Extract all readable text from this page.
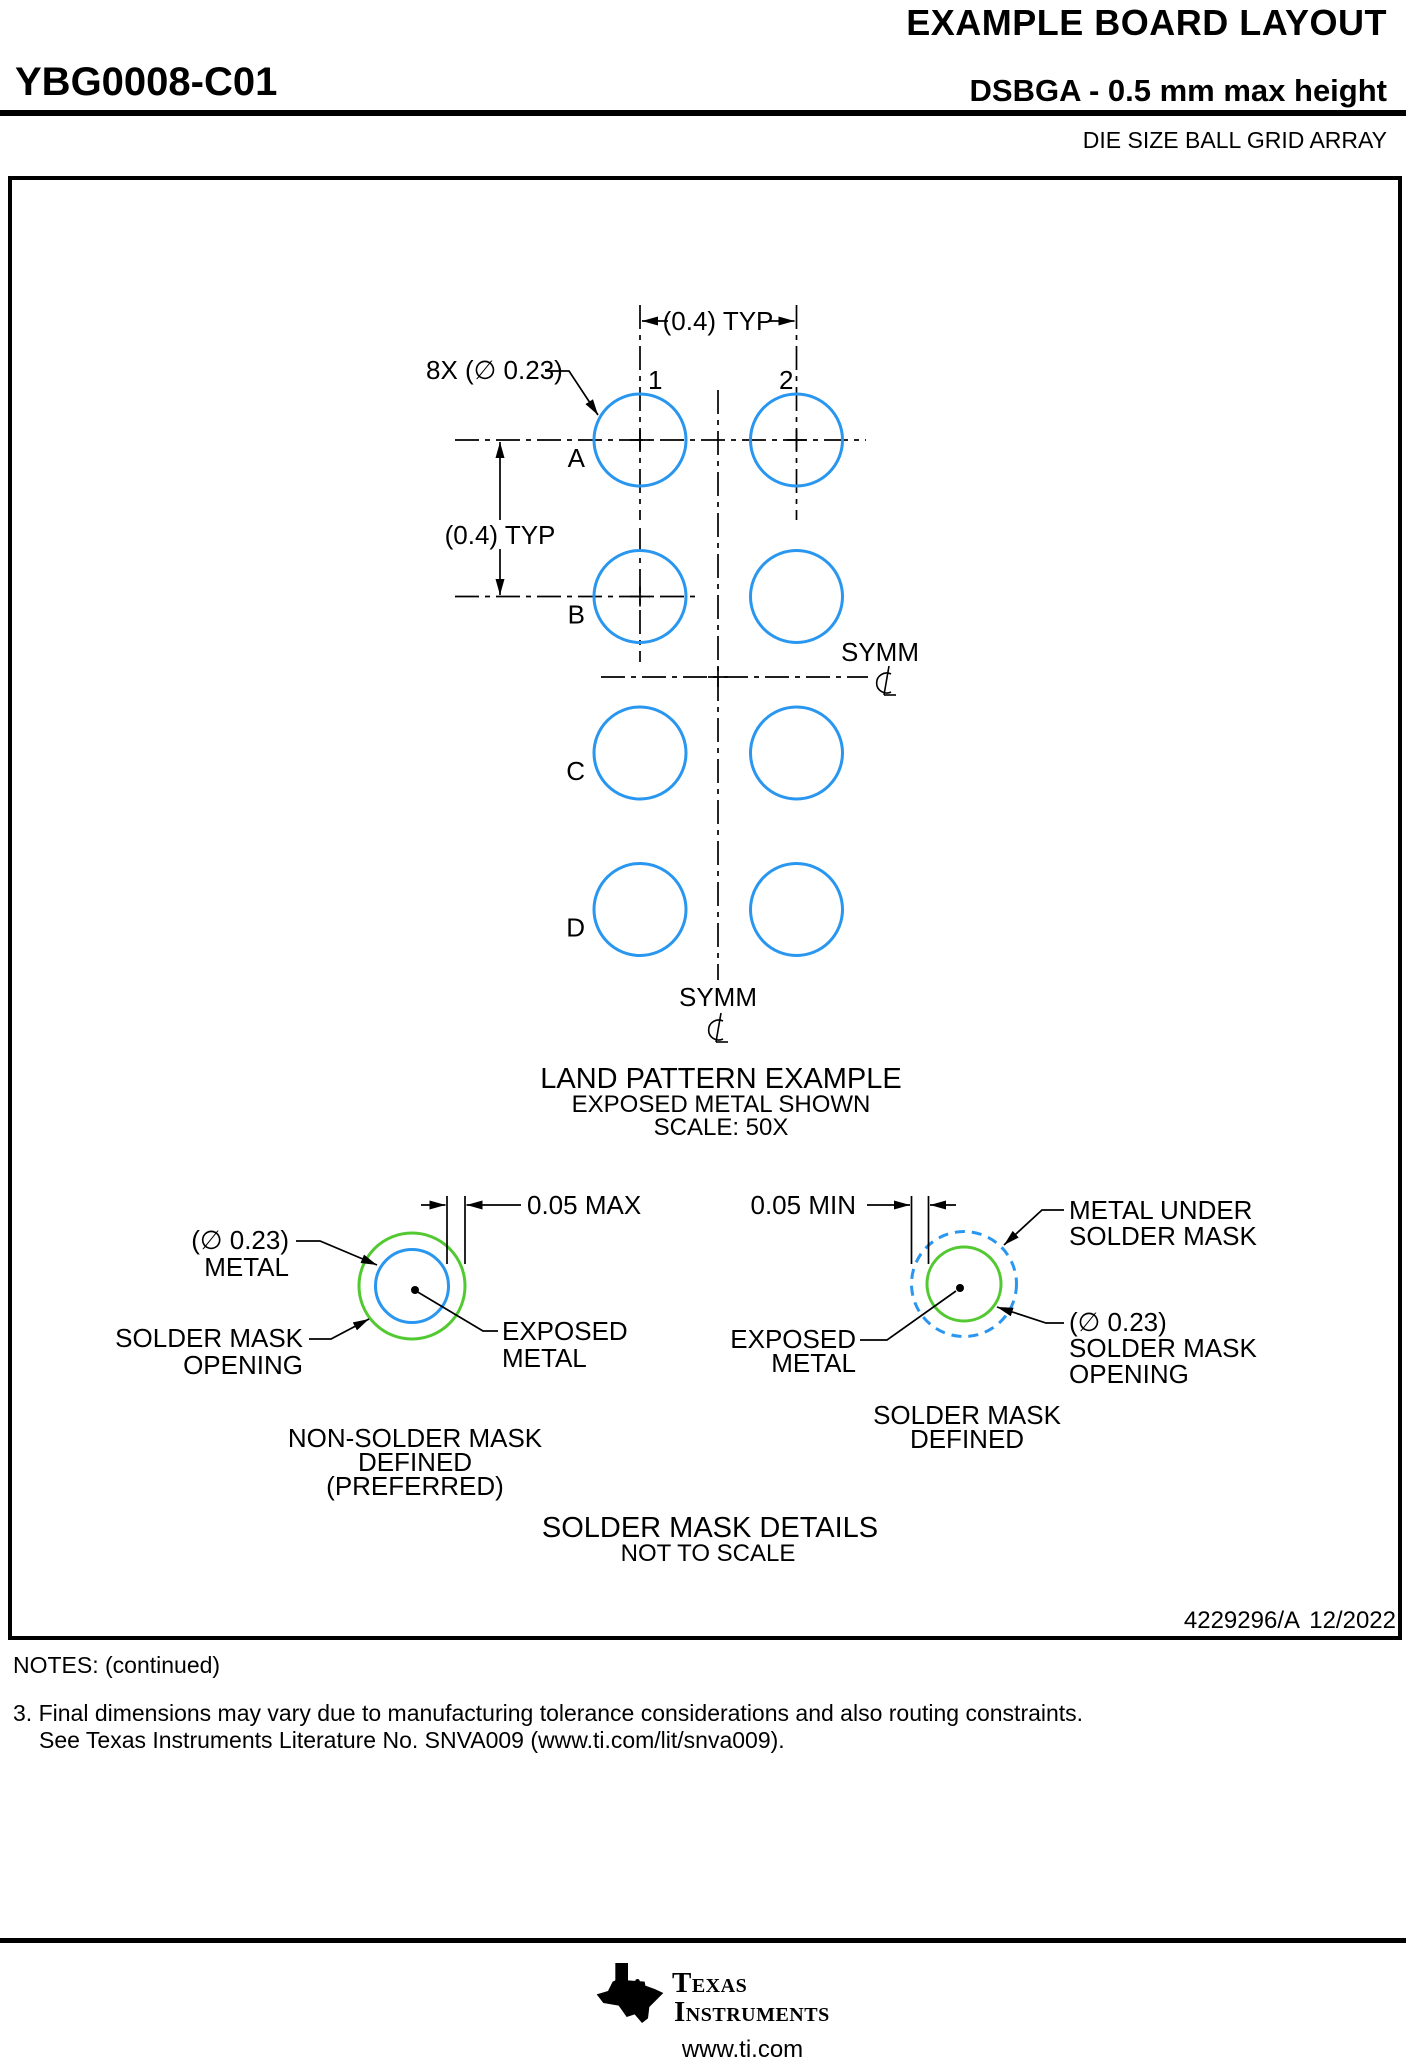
EXAMPLE BOARD LAYOUT
YBG0008-C01	DSBGA - 0.5 mm max height
DIE SIZE BALL GRID ARRAY
(0.4) TYP
(0.4) TYP
8X (∅ 0.23)	1	2
A
B
C
D
SYMM
SYMM
LAND PATTERN EXAMPLE
EXPOSED METAL SHOWN
SCALE: 50X
0.05 MAX
(∅ 0.23)
METAL
SOLDER MASK
OPENING
EXPOSED
METAL
NON-SOLDER MASK
DEFINED
(PREFERRED)
0.05 MIN	METAL UNDER
SOLDER MASK
(∅ 0.23)
SOLDER MASK
OPENING
EXPOSED
METAL
SOLDER MASK
DEFINED
SOLDER MASK DETAILS
NOT TO SCALE
4229296/A 12/2022
NOTES: (continued)
3. Final dimensions may vary due to manufacturing tolerance considerations and also routing constraints.
See Texas Instruments Literature No. SNVA009 (www.ti.com/lit/snva009).
ti Texas
Instruments
www.ti.com
